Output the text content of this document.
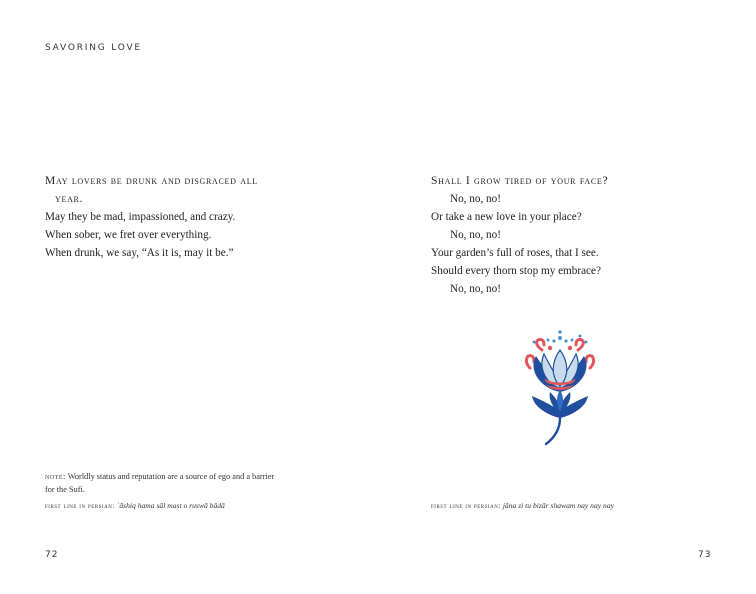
SAVORING LOVE
May lovers be drunk and disgraced all
year.
May they be mad, impassioned, and crazy.
When sober, we fret over everything.
When drunk, we say, “As it is, may it be.”
note: Worldly status and reputation are a source of ego and a barrier for the Sufi.
first line in persian: ʿāshiq hama sāl mast o ruswā bādā
72
Shall I grow tired of your face?
No, no, no!
Or take a new love in your place?
No, no, no!
Your garden’s full of roses, that I see.
Should every thorn stop my embrace?
No, no, no!
first line in persian: jāna zi tu bizār shawam nay nay nay
73
